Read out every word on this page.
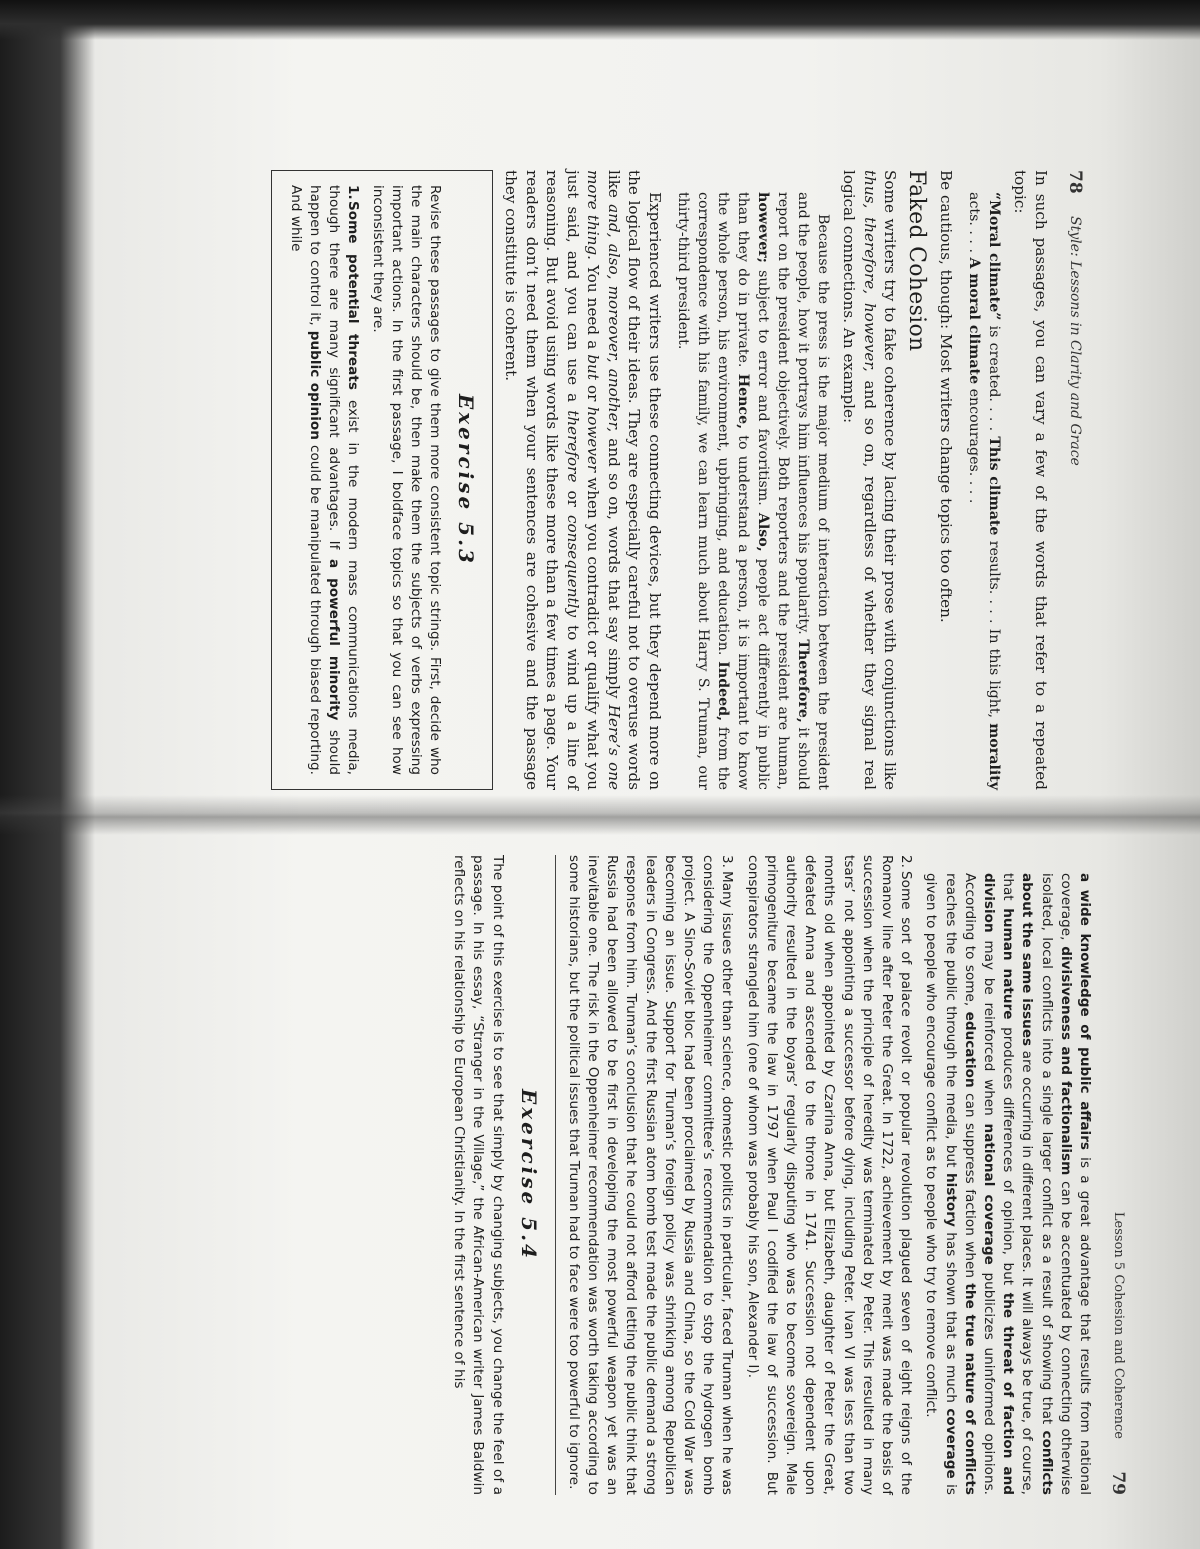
78
Style: Lessons in Clarity and Grace

In such passages, you can vary a few of the words that refer to a repeated topic:

“Moral climate” is created. . . . This climate results. . . . In this light, morality acts. . . . A moral climate encourages. . . .

Be cautious, though: Most writers change topics too often.

Faked Cohesion

Some writers try to fake coherence by lacing their prose with conjunctions like thus, therefore, however, and so on, regardless of whether they signal real logical connections. An example:

Because the press is the major medium of interaction between the president and the people, how it portrays him influences his popularity. Therefore, it should report on the president objectively. Both reporters and the president are human, however; subject to error and favoritism. Also, people act differently in public than they do in private. Hence, to understand a person, it is important to know the whole person, his environment, upbringing, and education. Indeed, from the correspondence with his family, we can learn much about Harry S. Truman, our thirty-third president.

Experienced writers use these connecting devices, but they depend more on the logical flow of their ideas. They are especially careful not to overuse words like and, also, moreover, another, and so on, words that say simply Here’s one more thing. You need a but or however when you contradict or qualify what you just said, and you can use a therefore or consequently to wind up a line of reasoning. But avoid using words like these more than a few times a page. Your readers don’t need them when your sentences are cohesive and the passage they constitute is coherent.

Exercise 5.3

Revise these passages to give them more consistent topic strings. First, decide who the main characters should be, then make them the subjects of verbs expressing important actions. In the first passage, I boldface topics so that you can see how inconsistent they are.

1.Some potential threats exist in the modern mass communications media, though there are many significant advantages. If a powerful minority should happen to control it, public opinion could be manipulated through biased reporting. And while
Lesson 5 Cohesion and Coherence
79

a wide knowledge of public affairs is a great advantage that results from national coverage, divisiveness and factionalism can be accentuated by connecting otherwise isolated, local conflicts into a single larger conflict as a result of showing that conflicts about the same issues are occurring in different places. It will always be true, of course, that human nature produces differences of opinion, but the threat of faction and division may be reinforced when national coverage publicizes uninformed opinions. According to some, education can suppress faction when the true nature of conflicts reaches the public through the media, but history has shown that as much coverage is given to people who encourage conflict as to people who try to remove conflict.

2.Some sort of palace revolt or popular revolution plagued seven of eight reigns of the Romanov line after Peter the Great. In 1722, achievement by merit was made the basis of succession when the principle of heredity was terminated by Peter. This resulted in many tsars’ not appointing a successor before dying, including Peter. Ivan VI was less than two months old when appointed by Czarina Anna, but Elizabeth, daughter of Peter the Great, defeated Anna and ascended to the throne in 1741. Succession not dependent upon authority resulted in the boyars’ regularly disputing who was to become sovereign. Male primogeniture became the law in 1797 when Paul I codified the law of succession. But conspirators strangled him (one of whom was probably his son, Alexander I).
3.Many issues other than science, domestic politics in particular, faced Truman when he was considering the Oppenheimer committee’s recommendation to stop the hydrogen bomb project. A Sino-Soviet bloc had been proclaimed by Russia and China, so the Cold War was becoming an issue. Support for Truman’s foreign policy was shrinking among Republican leaders in Congress. And the first Russian atom bomb test made the public demand a strong response from him. Truman’s conclusion that he could not afford letting the public think that Russia had been allowed to be first in developing the most powerful weapon yet was an inevitable one. The risk in the Oppenheimer recommendation was worth taking according to some historians, but the political issues that Truman had to face were too powerful to ignore.
Exercise 5.4

The point of this exercise is to see that simply by changing subjects, you change the feel of a passage. In his essay, “Stranger in the Village,” the African-American writer James Baldwin reflects on his relationship to European Christianity. In the first sentence of his
